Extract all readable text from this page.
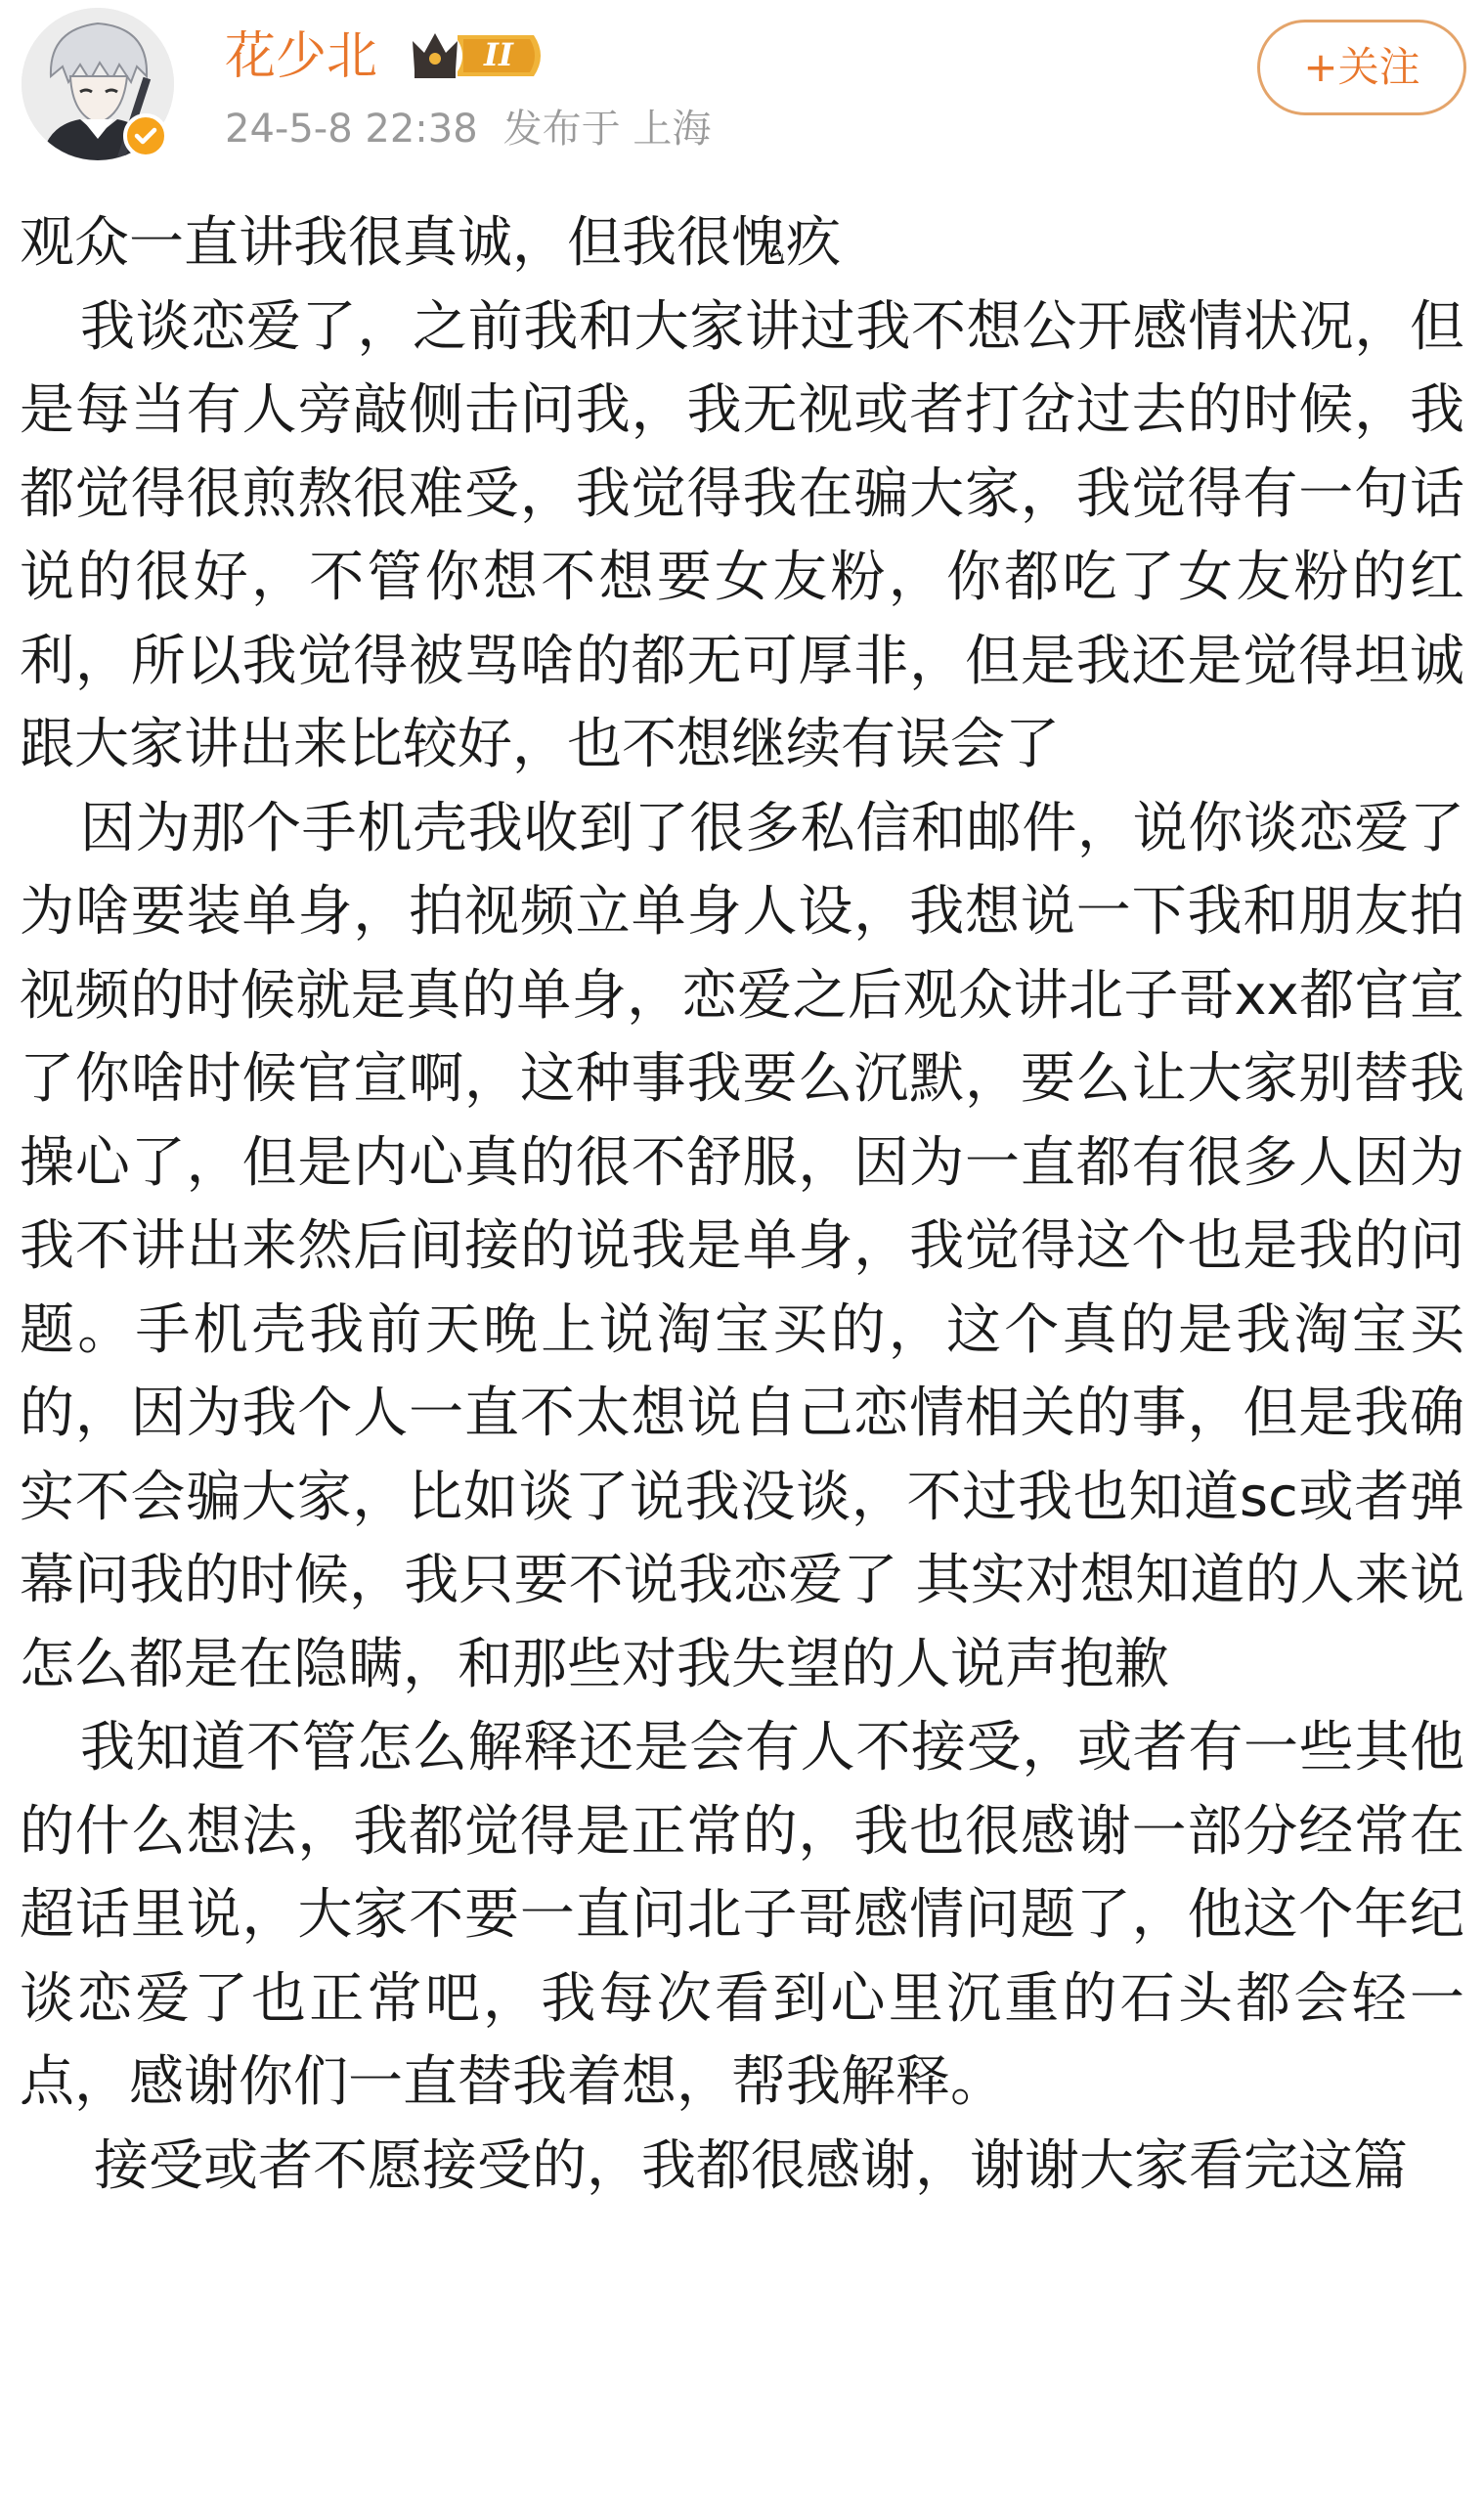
花少北	II
24-5-8 22:38 发布于 上海
+关注

观众一直讲我很真诚，但我很愧疚

我谈恋爱了，之前我和大家讲过我不想公开感情状况，但是每当有人旁敲侧击问我，我无视或者打岔过去的时候，我都觉得很煎熬很难受，我觉得我在骗大家，我觉得有一句话说的很好，不管你想不想要女友粉，你都吃了女友粉的红利，所以我觉得被骂啥的都无可厚非，但是我还是觉得坦诚跟大家讲出来比较好，也不想继续有误会了

因为那个手机壳我收到了很多私信和邮件，说你谈恋爱了为啥要装单身，拍视频立单身人设，我想说一下我和朋友拍视频的时候就是真的单身，恋爱之后观众讲北子哥xx都官宣了你啥时候官宣啊，这种事我要么沉默，要么让大家别替我操心了，但是内心真的很不舒服，因为一直都有很多人因为我不讲出来然后间接的说我是单身，我觉得这个也是我的问题。手机壳我前天晚上说淘宝买的，这个真的是我淘宝买的，因为我个人一直不太想说自己恋情相关的事，但是我确实不会骗大家，比如谈了说我没谈，不过我也知道sc或者弹幕问我的时候，我只要不说我恋爱了 其实对想知道的人来说怎么都是在隐瞒，和那些对我失望的人说声抱歉

我知道不管怎么解释还是会有人不接受，或者有一些其他的什么想法，我都觉得是正常的，我也很感谢一部分经常在超话里说，大家不要一直问北子哥感情问题了，他这个年纪谈恋爱了也正常吧，我每次看到心里沉重的石头都会轻一点，感谢你们一直替我着想，帮我解释。

接受或者不愿接受的，我都很感谢，谢谢大家看完这篇
